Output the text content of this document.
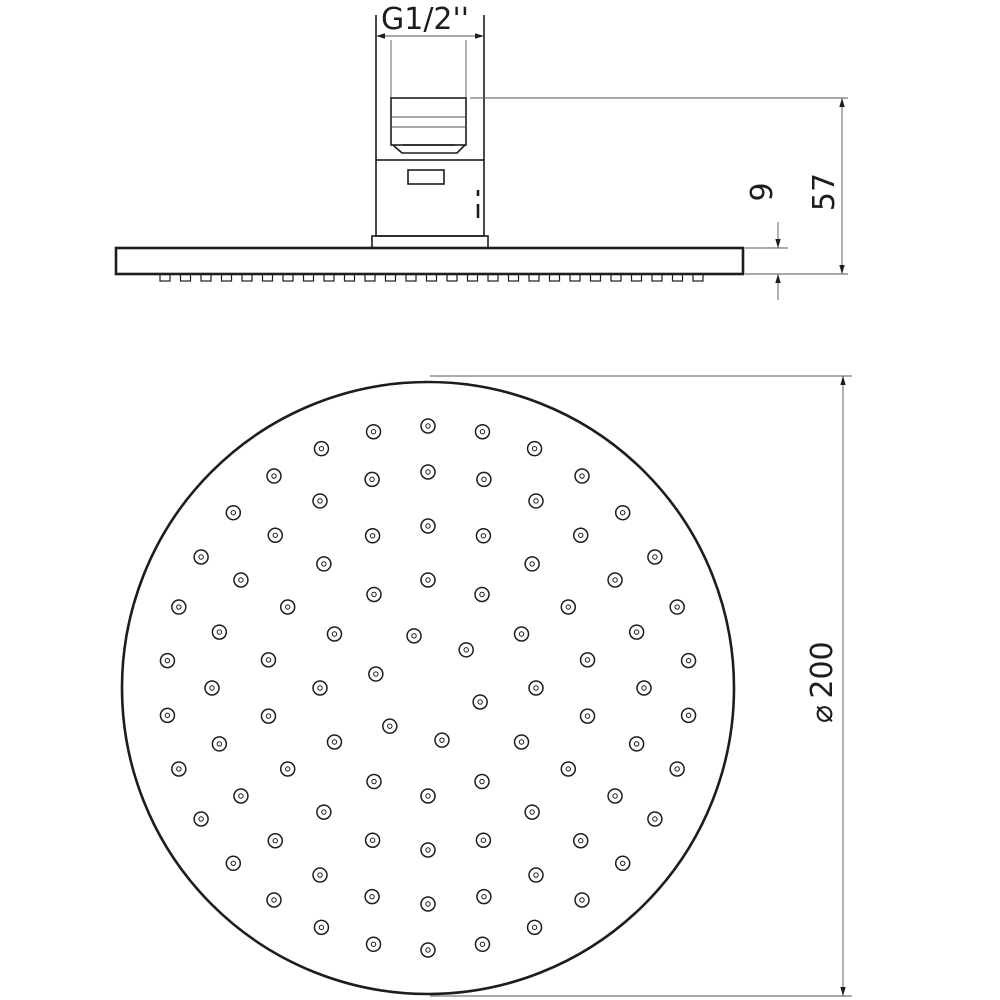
G1/2''
9 57
⌀
200
